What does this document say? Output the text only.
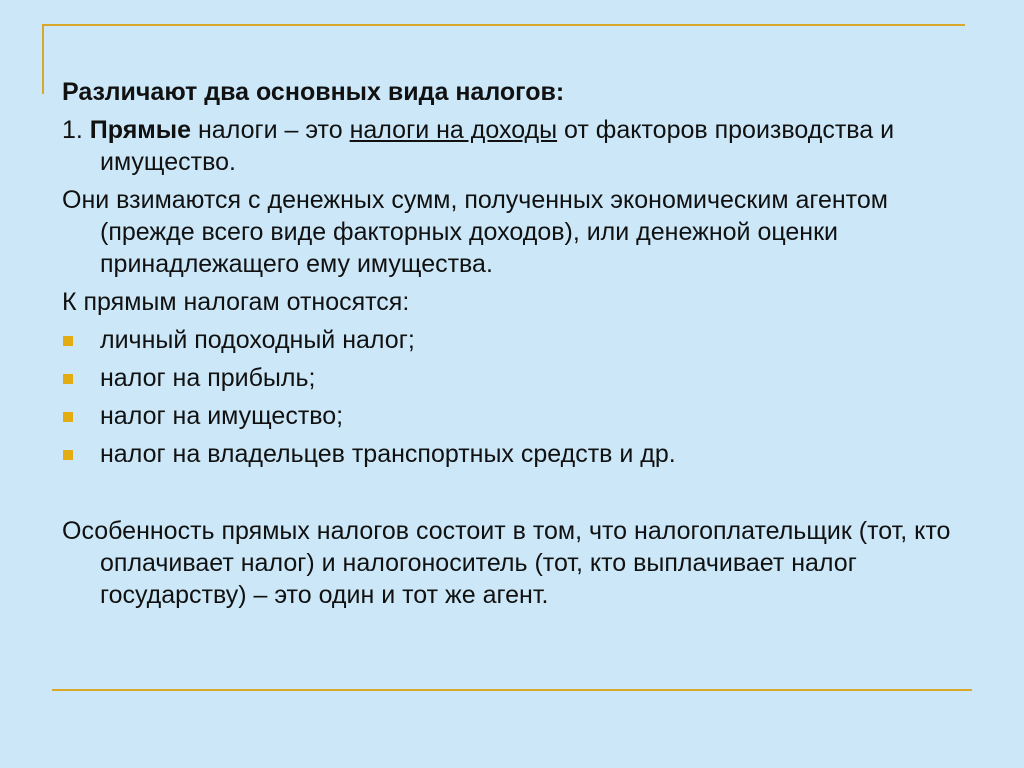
Различают два основных вида налогов:
1. Прямые налоги – это налоги на доходы от факторов производства и имущество.
Они взимаются с денежных сумм, полученных экономическим агентом (прежде всего виде факторных доходов), или денежной оценки принадлежащего ему имущества.
К прямым налогам относятся:
личный подоходный налог;
налог на прибыль;
налог на имущество;
налог на владельцев транспортных средств и др.
Особенность прямых налогов состоит в том, что налогоплательщик (тот, кто оплачивает налог) и налогоноситель (тот, кто выплачивает налог государству) – это один и тот же агент.
